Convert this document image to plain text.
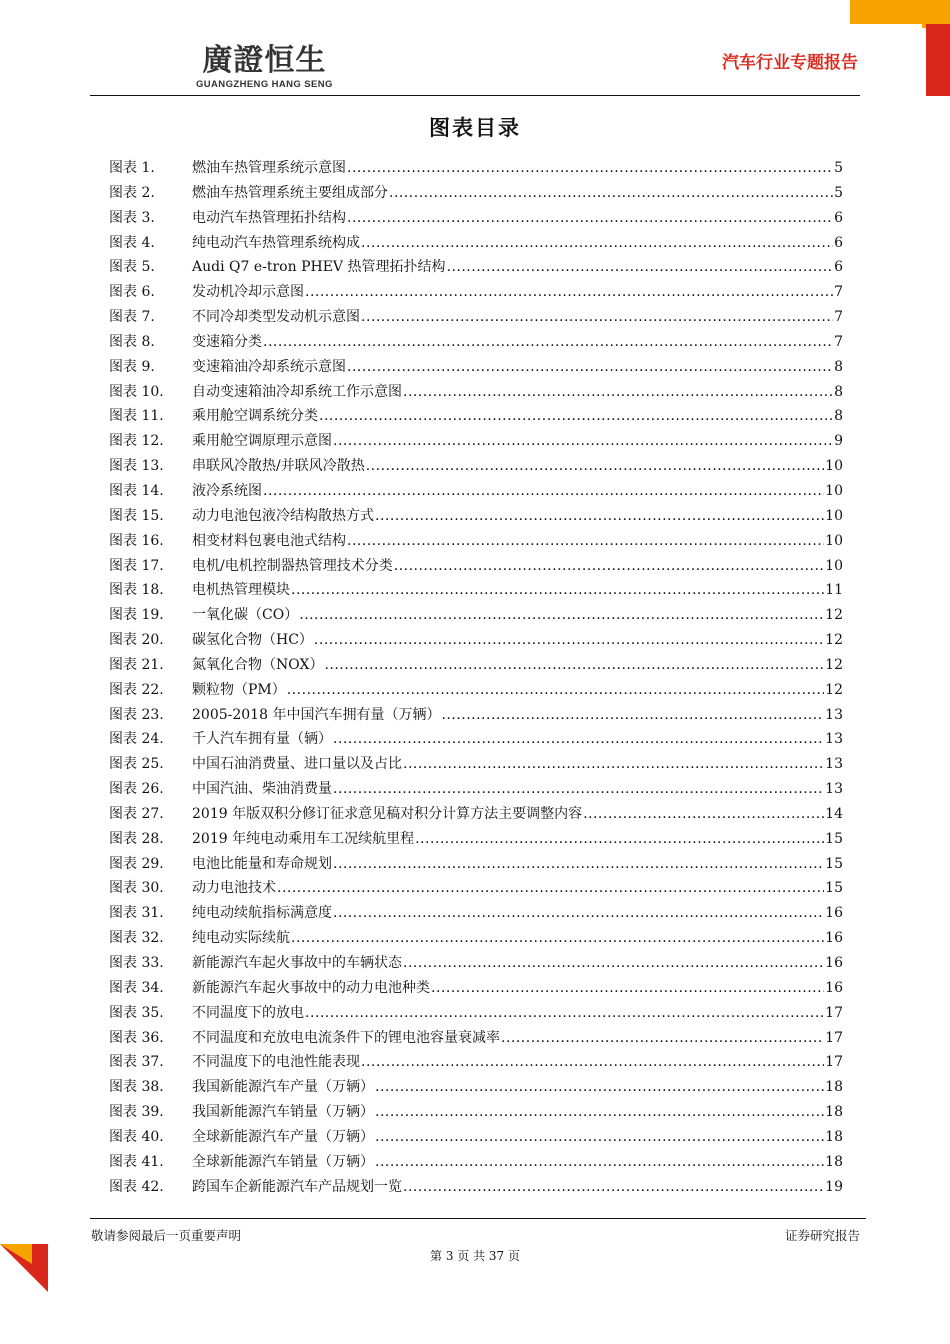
廣證恒生
GUANGZHENG HANG SENG
汽车行业专题报告
图表目录
图表 1.	燃油车热管理系统示意图 .....	5
图表 2.	燃油车热管理系统主要组成部分 .....	5
图表 3.	电动汽车热管理拓扑结构 .....	6
图表 4.	纯电动汽车热管理系统构成 .....	6
图表 5.	Audi Q7 e-tron PHEV 热管理拓扑结构 .....	6
图表 6.	发动机冷却示意图 .....	7
图表 7.	不同冷却类型发动机示意图 .....	7
图表 8.	变速箱分类 .....	7
图表 9.	变速箱油冷却系统示意图 .....	8
图表 10.	自动变速箱油冷却系统工作示意图 .....	8
图表 11.	乘用舱空调系统分类 .....	8
图表 12.	乘用舱空调原理示意图 .....	9
图表 13.	串联风冷散热/并联风冷散热 .....	10
图表 14.	液冷系统图 .....	10
图表 15.	动力电池包液冷结构散热方式 .....	10
图表 16.	相变材料包裹电池式结构 .....	10
图表 17.	电机/电机控制器热管理技术分类 .....	10
图表 18.	电机热管理模块 .....	11
图表 19.	一氧化碳（CO） .....	12
图表 20.	碳氢化合物（HC） .....	12
图表 21.	氮氧化合物（NOX） .....	12
图表 22.	颗粒物（PM） .....	12
图表 23.	2005-2018 年中国汽车拥有量（万辆） .....	13
图表 24.	千人汽车拥有量（辆） .....	13
图表 25.	中国石油消费量、进口量以及占比 .....	13
图表 26.	中国汽油、柴油消费量 .....	13
图表 27.	2019 年版双积分修订征求意见稿对积分计算方法主要调整内容 .....	14
图表 28.	2019 年纯电动乘用车工况续航里程 .....	15
图表 29.	电池比能量和寿命规划 .....	15
图表 30.	动力电池技术 .....	15
图表 31.	纯电动续航指标满意度 .....	16
图表 32.	纯电动实际续航 .....	16
图表 33.	新能源汽车起火事故中的车辆状态 .....	16
图表 34.	新能源汽车起火事故中的动力电池种类 .....	16
图表 35.	不同温度下的放电 .....	17
图表 36.	不同温度和充放电电流条件下的锂电池容量衰减率 .....	17
图表 37.	不同温度下的电池性能表现 .....	17
图表 38.	我国新能源汽车产量（万辆） .....	18
图表 39.	我国新能源汽车销量（万辆） .....	18
图表 40.	全球新能源汽车产量（万辆） .....	18
图表 41.	全球新能源汽车销量（万辆） .....	18
图表 42.	跨国车企新能源汽车产品规划一览 .....	19
敬请参阅最后一页重要声明	证券研究报告
第 3 页 共 37 页
